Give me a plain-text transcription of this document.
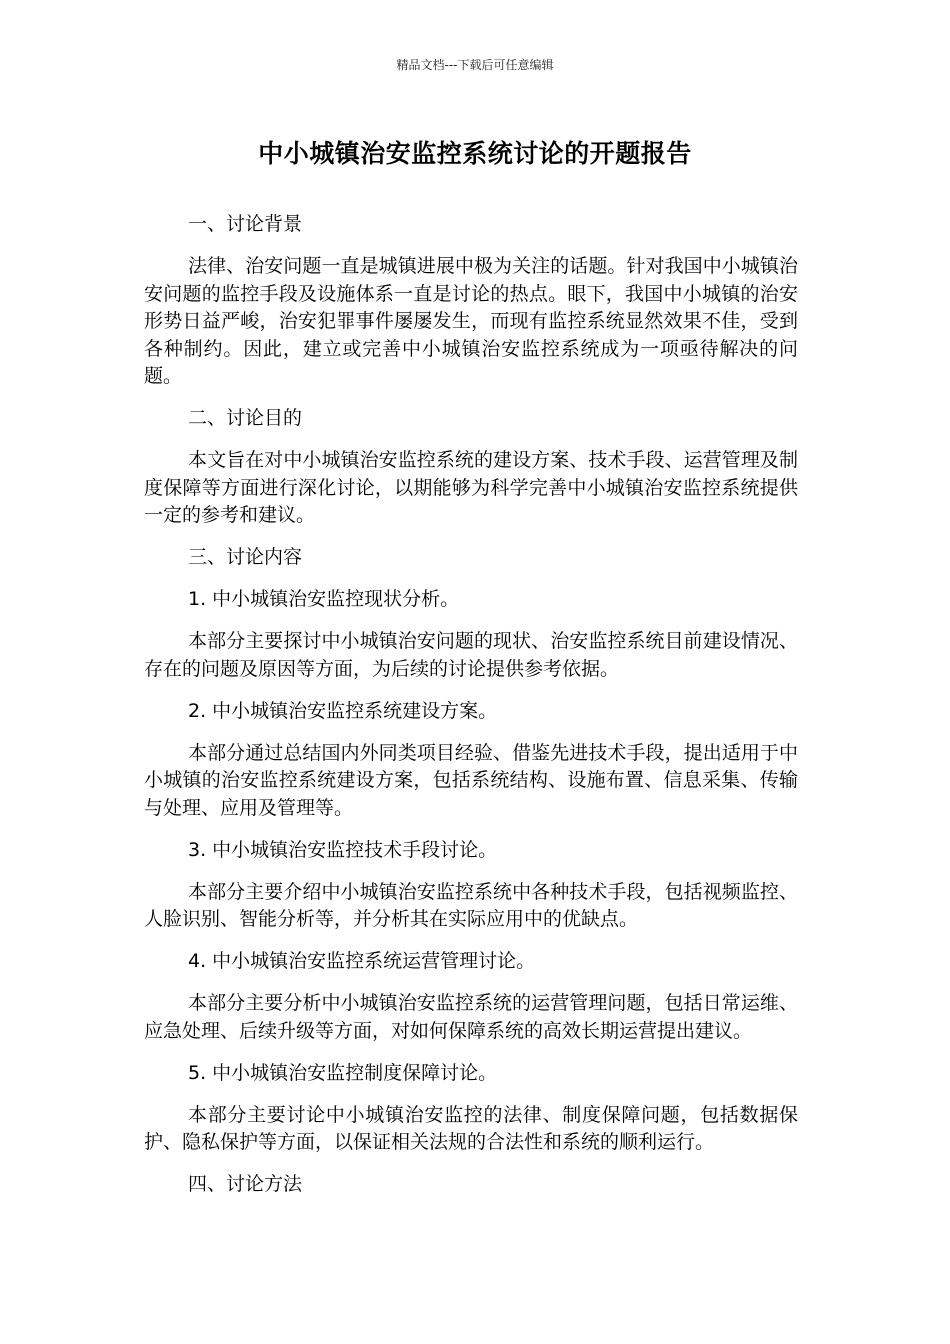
精品文档---下载后可任意编辑
中小城镇治安监控系统讨论的开题报告

一、讨论背景

法律、治安问题一直是城镇进展中极为关注的话题。针对我国中小城镇治安问题的监控手段及设施体系一直是讨论的热点。眼下，我国中小城镇的治安形势日益严峻，治安犯罪事件屡屡发生，而现有监控系统显然效果不佳，受到各种制约。因此，建立或完善中小城镇治安监控系统成为一项亟待解决的问题。

二、讨论目的

本文旨在对中小城镇治安监控系统的建设方案、技术手段、运营管理及制度保障等方面进行深化讨论，以期能够为科学完善中小城镇治安监控系统提供一定的参考和建议。

三、讨论内容

1. 中小城镇治安监控现状分析。

本部分主要探讨中小城镇治安问题的现状、治安监控系统目前建设情况、存在的问题及原因等方面，为后续的讨论提供参考依据。

2. 中小城镇治安监控系统建设方案。

本部分通过总结国内外同类项目经验、借鉴先进技术手段，提出适用于中小城镇的治安监控系统建设方案，包括系统结构、设施布置、信息采集、传输与处理、应用及管理等。

3. 中小城镇治安监控技术手段讨论。

本部分主要介绍中小城镇治安监控系统中各种技术手段，包括视频监控、人脸识别、智能分析等，并分析其在实际应用中的优缺点。

4. 中小城镇治安监控系统运营管理讨论。

本部分主要分析中小城镇治安监控系统的运营管理问题，包括日常运维、应急处理、后续升级等方面，对如何保障系统的高效长期运营提出建议。

5. 中小城镇治安监控制度保障讨论。

本部分主要讨论中小城镇治安监控的法律、制度保障问题，包括数据保护、隐私保护等方面，以保证相关法规的合法性和系统的顺利运行。

四、讨论方法
